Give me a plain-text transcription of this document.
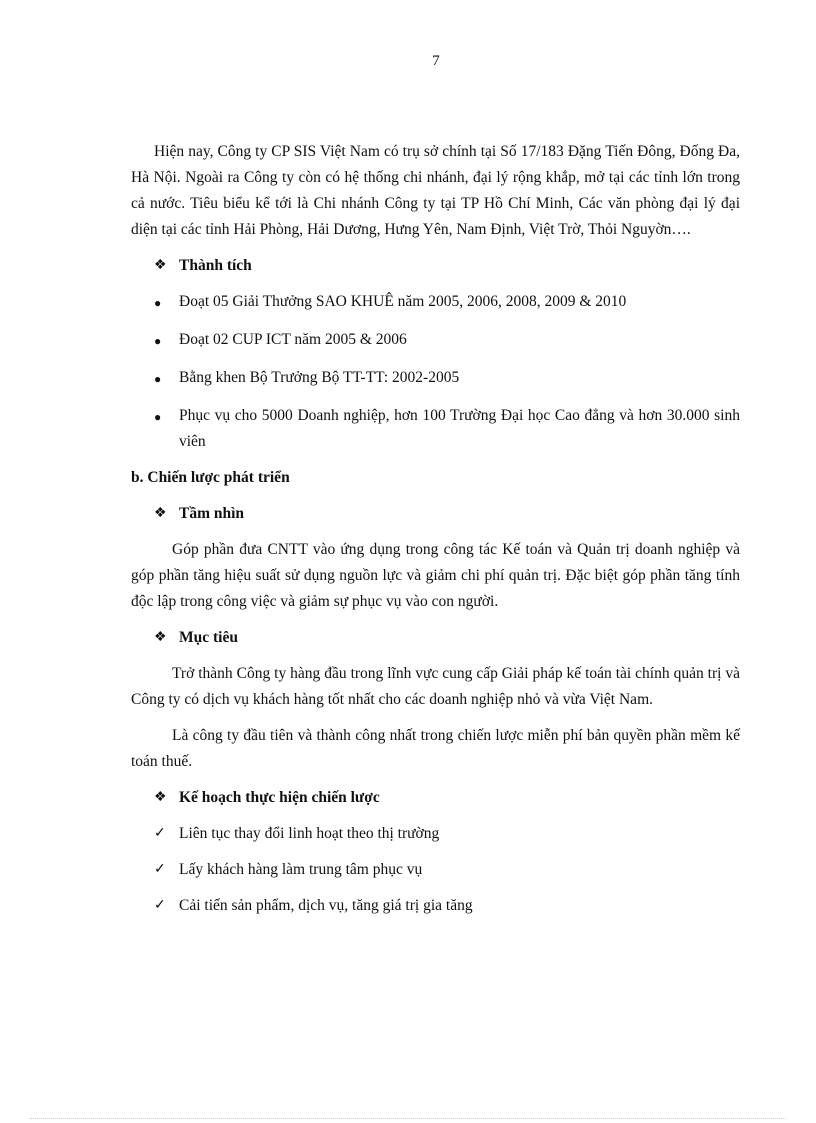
7

Hiện nay, Công ty CP SIS Việt Nam có trụ sở chính tại Số 17/183 Đặng Tiến Đông, Đống Đa, Hà Nội. Ngoài ra Công ty còn có hệ thống chi nhánh, đại lý rộng khắp, mở tại các tỉnh lớn trong cả nước. Tiêu biểu kể tới là Chi nhánh Công ty tại TP Hồ Chí Minh, Các văn phòng đại lý đại diện tại các tỉnh Hải Phòng, Hải Dương, Hưng Yên, Nam Định, Việt Trờ, Thỏi Nguyờn….

❖ Thành tích
●	Đoạt 05 Giải Thưởng SAO KHUÊ năm 2005, 2006, 2008, 2009 & 2010
●	Đoạt 02 CUP ICT năm 2005 & 2006
●	Bằng khen Bộ Trưởng Bộ TT-TT: 2002-2005
●	Phục vụ cho 5000 Doanh nghiệp, hơn 100 Trường Đại học Cao đẳng và hơn 30.000 sinh viên
b. Chiến lược phát triển
❖ Tầm nhìn

Góp phần đưa CNTT vào ứng dụng trong công tác Kế toán và Quản trị doanh nghiệp và góp phần tăng hiệu suất sử dụng nguồn lực và giảm chi phí quản trị. Đặc biệt góp phần tăng tính độc lập trong công việc và giảm sự phục vụ vào con người.

❖ Mục tiêu

Trở thành Công ty hàng đầu trong lĩnh vực cung cấp Giải pháp kế toán tài chính quản trị và Công ty có dịch vụ khách hàng tốt nhất cho các doanh nghiệp nhỏ và vừa Việt Nam.

Là công ty đầu tiên và thành công nhất trong chiến lược miễn phí bản quyền phần mềm kế toán thuế.

❖ Kế hoạch thực hiện chiến lược
✓ Liên tục thay đổi linh hoạt theo thị trường
✓ Lấy khách hàng làm trung tâm phục vụ
✓ Cải tiến sản phẩm, dịch vụ, tăng giá trị gia tăng
